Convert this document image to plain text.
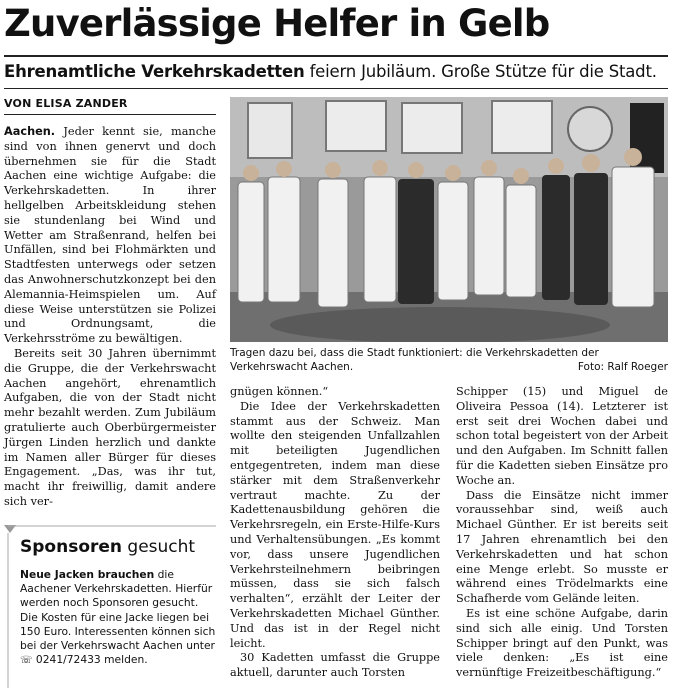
Zuverlässige Helfer in Gelb
Ehrenamtliche Verkehrskadetten feiern Jubiläum. Große Stütze für die Stadt.
VON ELISA ZANDER

Aachen. Jeder kennt sie, manche sind von ihnen genervt und doch übernehmen sie für die Stadt Aachen eine wichtige Aufgabe: die Verkehrskadetten. In ihrer hellgelben Arbeitskleidung stehen sie stundenlang bei Wind und Wetter am Straßenrand, helfen bei Unfällen, sind bei Flohmärkten und Stadtfesten unterwegs oder setzen das Anwohnerschutzkonzept bei den Alemannia-Heimspielen um. Auf diese Weise unterstützen sie Polizei und Ordnungsamt, die Verkehrsströme zu bewältigen.

Bereits seit 30 Jahren übernimmt die Gruppe, die der Verkehrswacht Aachen angehört, ehrenamtlich Aufgaben, die von der Stadt nicht mehr bezahlt werden. Zum Jubiläum gratulierte auch Oberbürgermeister Jürgen Linden herzlich und dankte im Namen aller Bürger für dieses Engagement. „Das, was ihr tut, macht ihr freiwillig, damit andere sich ver-

Tragen dazu bei, dass die Stadt funktioniert: die Verkehrskadetten der Verkehrswacht Aachen.	Foto: Ralf Roeger

gnügen können.“

Die Idee der Verkehrskadetten stammt aus der Schweiz. Man wollte den steigenden Unfallzahlen mit beteiligten Jugendlichen entgegentreten, indem man diese stärker mit dem Straßenverkehr vertraut machte. Zu der Kadettenausbildung gehören die Verkehrsregeln, ein Erste-Hilfe-Kurs und Verhaltensübungen. „Es kommt vor, dass unsere Jugendlichen Verkehrsteilnehmern beibringen müssen, dass sie sich falsch verhalten“, erzählt der Leiter der Verkehrskadetten Michael Günther. Und das ist in der Regel nicht leicht.

30 Kadetten umfasst die Gruppe aktuell, darunter auch Torsten

Schipper (15) und Miguel de Oliveira Pessoa (14). Letzterer ist erst seit drei Wochen dabei und schon total begeistert von der Arbeit und den Aufgaben. Im Schnitt fallen für die Kadetten sieben Einsätze pro Woche an.

Dass die Einsätze nicht immer voraussehbar sind, weiß auch Michael Günther. Er ist bereits seit 17 Jahren ehrenamtlich bei den Verkehrskadetten und hat schon eine Menge erlebt. So musste er während eines Trödelmarkts eine Schafherde vom Gelände leiten.

Es ist eine schöne Aufgabe, darin sind sich alle einig. Und Torsten Schipper bringt auf den Punkt, was viele denken: „Es ist eine vernünftige Freizeitbeschäftigung.“

Sponsoren gesucht
Neue Jacken brauchen die Aachener Verkehrskadetten. Hierfür werden noch Sponsoren gesucht. Die Kosten für eine Jacke liegen bei 150 Euro. Interessenten können sich bei der Verkehrswacht Aachen unter ☏ 0241/72433 melden.
